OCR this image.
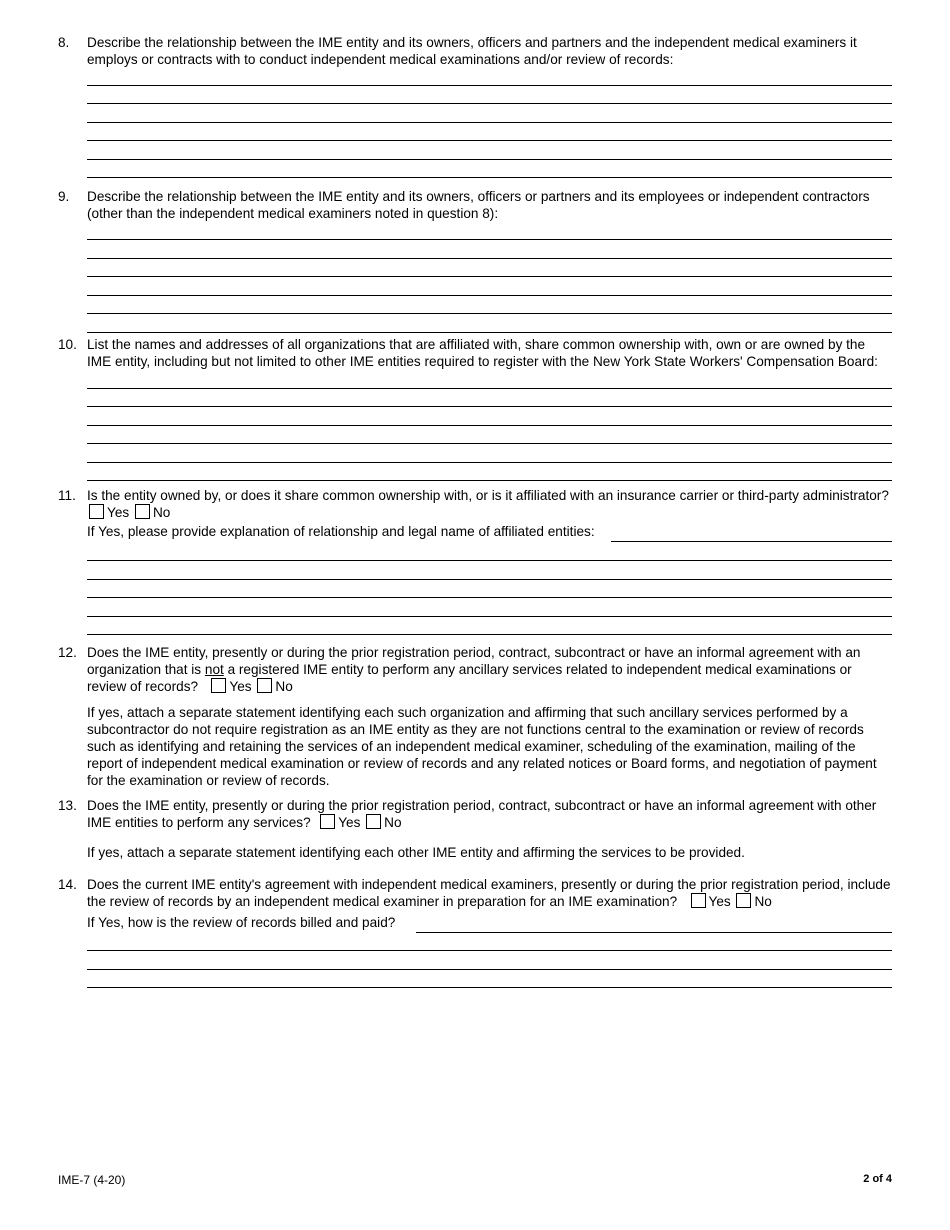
8. Describe the relationship between the IME entity and its owners, officers and partners and the independent medical examiners it employs or contracts with to conduct independent medical examinations and/or review of records:
9. Describe the relationship between the IME entity and its owners, officers or partners and its employees or independent contractors (other than the independent medical examiners noted in question 8):
10. List the names and addresses of all organizations that are affiliated with, share common ownership with, own or are owned by the IME entity, including but not limited to other IME entities required to register with the New York State Workers' Compensation Board:
11. Is the entity owned by, or does it share common ownership with, or is it affiliated with an insurance carrier or third-party administrator? Yes No
If Yes, please provide explanation of relationship and legal name of affiliated entities:
12. Does the IME entity, presently or during the prior registration period, contract, subcontract or have an informal agreement with an organization that is not a registered IME entity to perform any ancillary services related to independent medical examinations or review of records? Yes No
If yes, attach a separate statement identifying each such organization and affirming that such ancillary services performed by a subcontractor do not require registration as an IME entity as they are not functions central to the examination or review of records such as identifying and retaining the services of an independent medical examiner, scheduling of the examination, mailing of the report of independent medical examination or review of records and any related notices or Board forms, and negotiation of payment for the examination or review of records.
13. Does the IME entity, presently or during the prior registration period, contract, subcontract or have an informal agreement with other IME entities to perform any services? Yes No
If yes, attach a separate statement identifying each other IME entity and affirming the services to be provided.
14. Does the current IME entity's agreement with independent medical examiners, presently or during the prior registration period, include the review of records by an independent medical examiner in preparation for an IME examination? Yes No
If Yes, how is the review of records billed and paid?
IME-7 (4-20)	2 of 4
